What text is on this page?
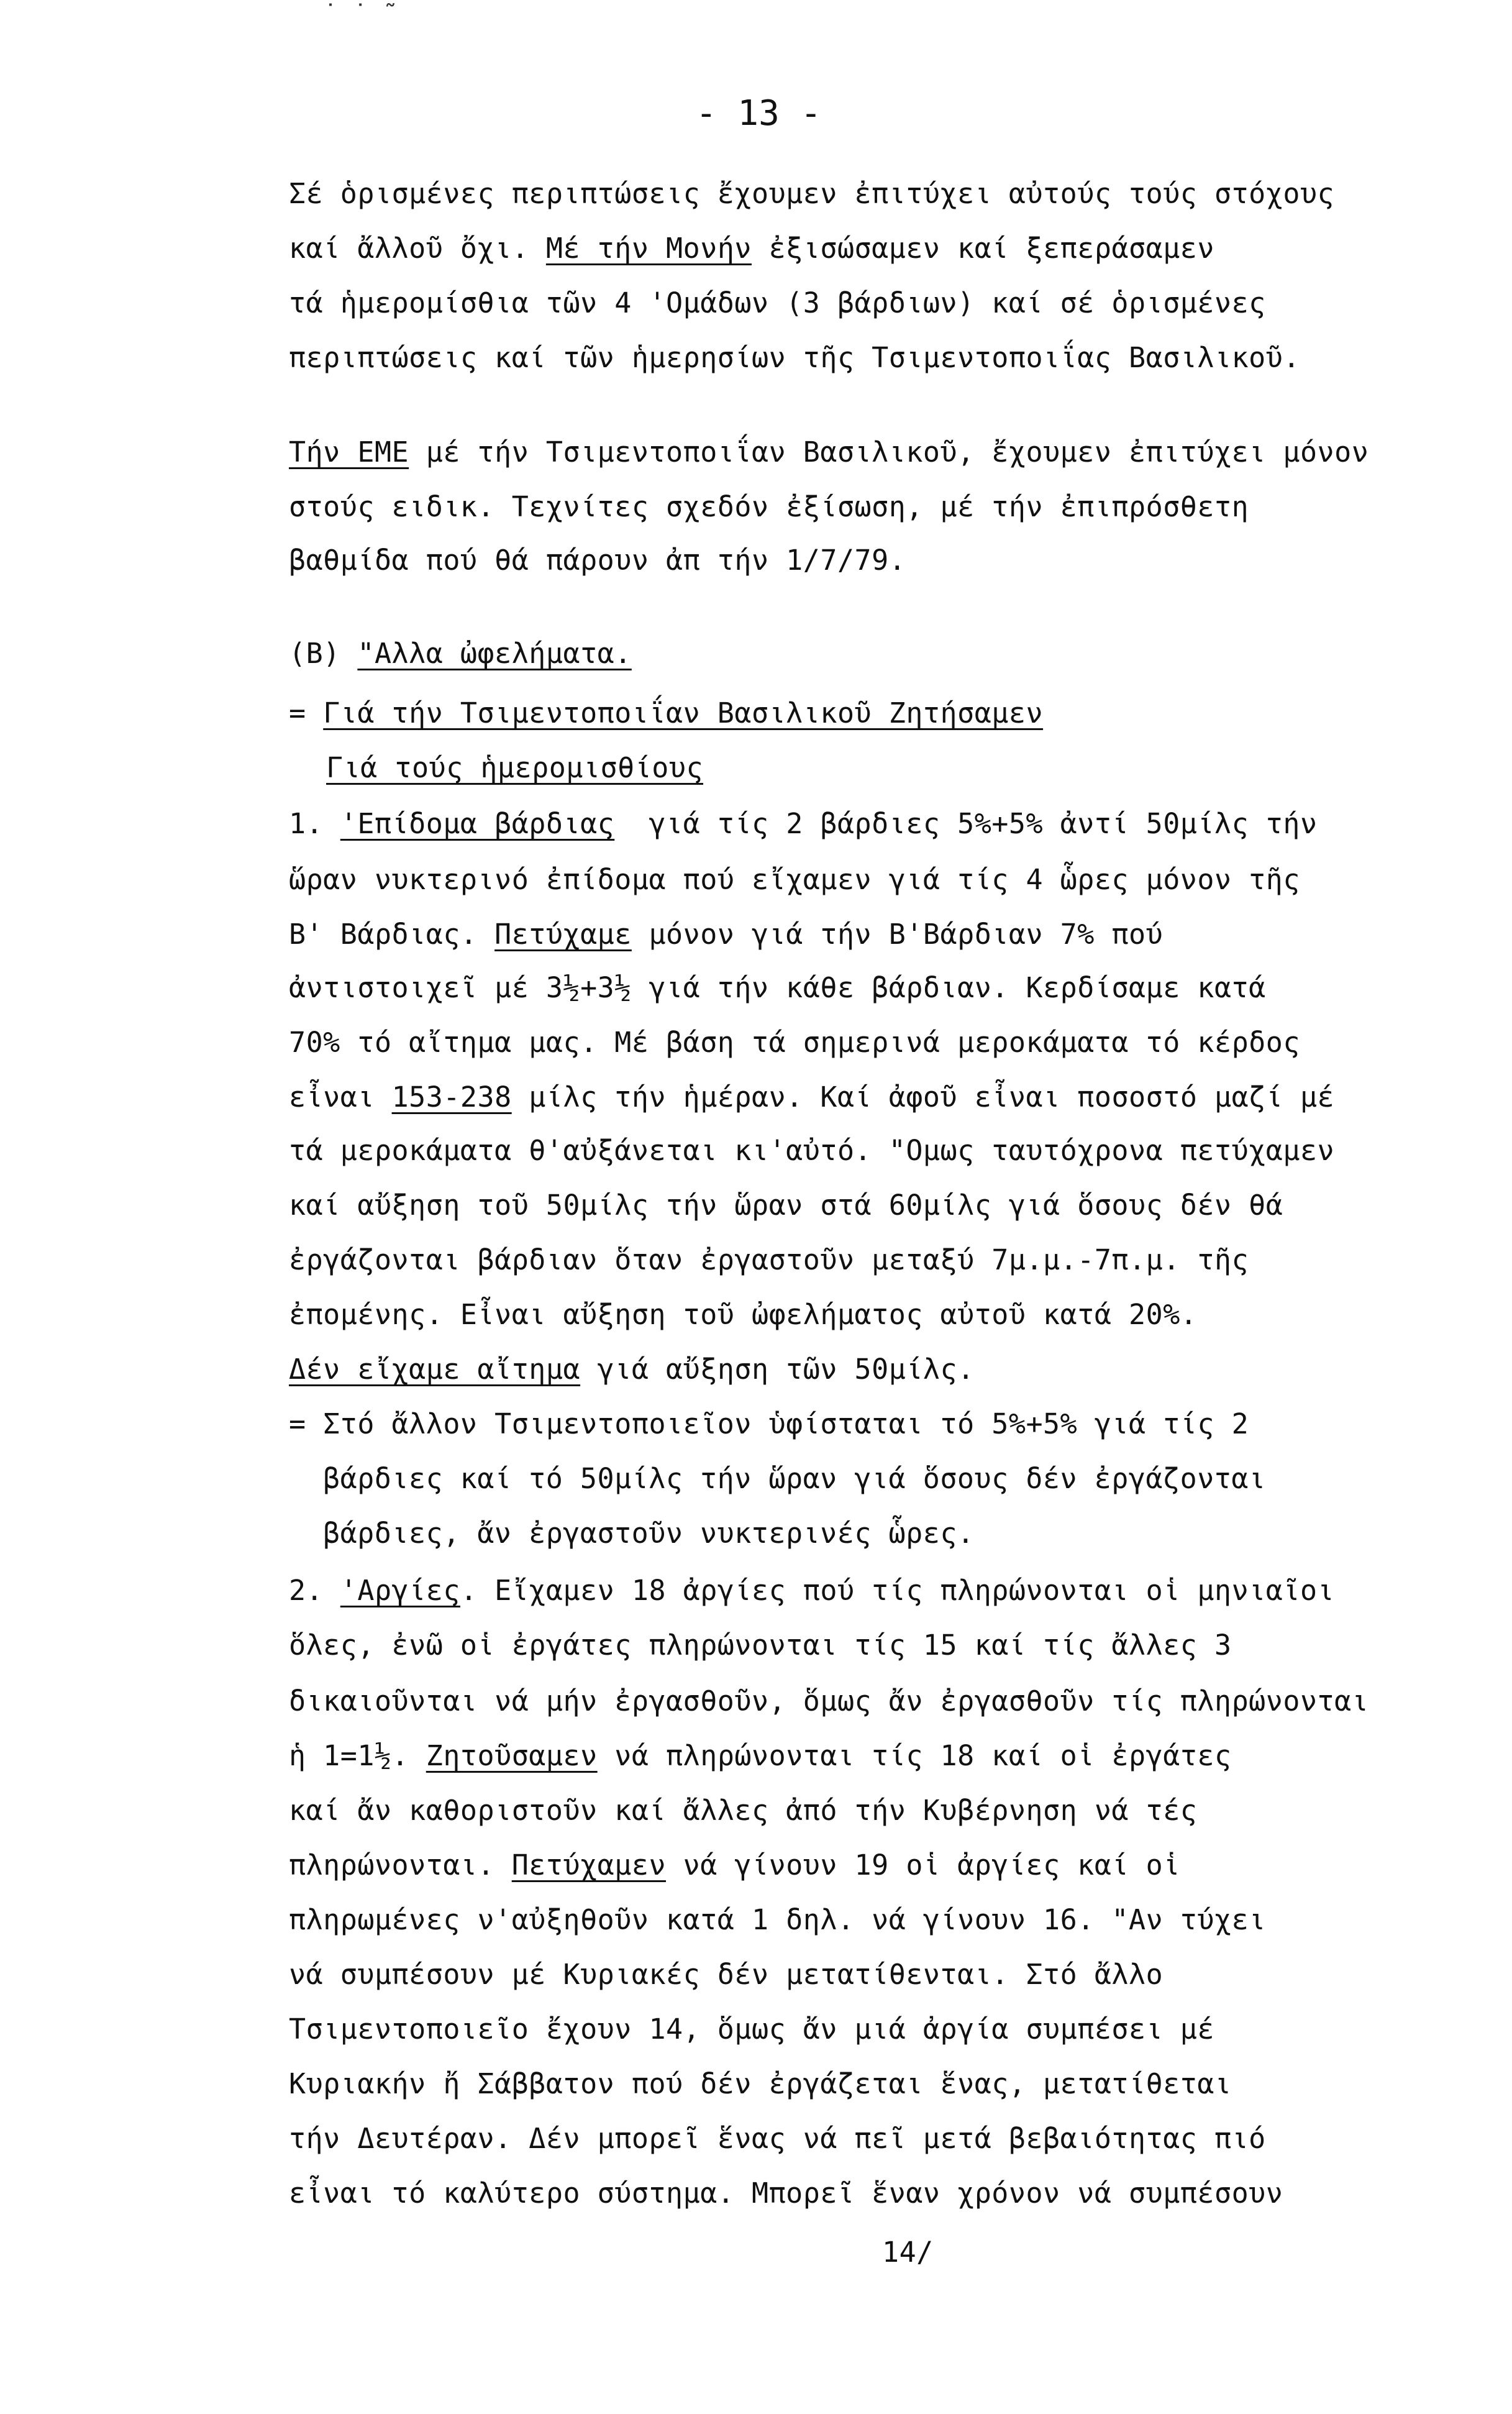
˙ ˙ ˜
- 13 -
Σέ ὁρισμένες περιπτώσεις ἔχουμεν ἐπιτύχει αὐτούς τούς στόχους
καί ἄλλοῦ ὄχι. Μέ τήν Μονήν ἐξισώσαμεν καί ξεπεράσαμεν
τά ἡμερομίσθια τῶν 4 'Ομάδων (3 βάρδιων) καί σέ ὁρισμένες
περιπτώσεις καί τῶν ἡμερησίων τῆς Τσιμεντοποιΐας Βασιλικοῦ.
Τήν ΕΜΕ μέ τήν Τσιμεντοποιΐαν Βασιλικοῦ, ἔχουμεν ἐπιτύχει μόνον
στούς ειδικ. Τεχνίτες σχεδόν ἐξίσωση, μέ τήν ἐπιπρόσθετη
βαθμίδα πού θά πάρουν ἀπ τήν 1/7/79.
(Β) "Αλλα ὠφελήματα.
= Γιά τήν Τσιμεντοποιΐαν Βασιλικοῦ Ζητήσαμεν
Γιά τούς ἡμερομισθίους
1. 'Επίδομα βάρδιας  γιά τίς 2 βάρδιες 5%+5% ἀντί 50μίλς τήν
ὥραν νυκτερινό ἐπίδομα πού εἴχαμεν γιά τίς 4 ὧρες μόνον τῆς
Β' Βάρδιας. Πετύχαμε μόνον γιά τήν Β'Βάρδιαν 7% πού
ἀντιστοιχεῖ μέ 3½+3½ γιά τήν κάθε βάρδιαν. Κερδίσαμε κατά
70% τό αἴτημα μας. Μέ βάση τά σημερινά μεροκάματα τό κέρδος
εἶναι 153-238 μίλς τήν ἡμέραν. Καί ἀφοῦ εἶναι ποσοστό μαζί μέ
τά μεροκάματα θ'αὐξάνεται κι'αὐτό. "Ομως ταυτόχρονα πετύχαμεν
καί αὔξηση τοῦ 50μίλς τήν ὥραν στά 60μίλς γιά ὅσους δέν θά
ἐργάζονται βάρδιαν ὅταν ἐργαστοῦν μεταξύ 7μ.μ.-7π.μ. τῆς
ἐπομένης. Εἶναι αὔξηση τοῦ ὠφελήματος αὐτοῦ κατά 20%.
Δέν εἴχαμε αἴτημα γιά αὔξηση τῶν 50μίλς.
= Στό ἄλλον Τσιμεντοποιεῖον ὑφίσταται τό 5%+5% γιά τίς 2
βάρδιες καί τό 50μίλς τήν ὥραν γιά ὅσους δέν ἐργάζονται
βάρδιες, ἄν ἐργαστοῦν νυκτερινές ὧρες.
2. 'Αργίες. Εἴχαμεν 18 ἀργίες πού τίς πληρώνονται οἱ μηνιαῖοι
ὅλες, ἐνῶ οἱ ἐργάτες πληρώνονται τίς 15 καί τίς ἄλλες 3
δικαιοῦνται νά μήν ἐργασθοῦν, ὅμως ἄν ἐργασθοῦν τίς πληρώνονται
ἡ 1=1½. Ζητοῦσαμεν νά πληρώνονται τίς 18 καί οἱ ἐργάτες
καί ἄν καθοριστοῦν καί ἄλλες ἀπό τήν Κυβέρνηση νά τές
πληρώνονται. Πετύχαμεν νά γίνουν 19 οἱ ἀργίες καί οἱ
πληρωμένες ν'αὐξηθοῦν κατά 1 δηλ. νά γίνουν 16. "Αν τύχει
νά συμπέσουν μέ Κυριακές δέν μετατίθενται. Στό ἄλλο
Τσιμεντοποιεῖο ἔχουν 14, ὅμως ἄν μιά ἀργία συμπέσει μέ
Κυριακήν ἤ Σάββατον πού δέν ἐργάζεται ἕνας, μετατίθεται
τήν Δευτέραν. Δέν μπορεῖ ἕνας νά πεῖ μετά βεβαιότητας πιό
εἶναι τό καλύτερο σύστημα. Μπορεῖ ἕναν χρόνον νά συμπέσουν
14/
